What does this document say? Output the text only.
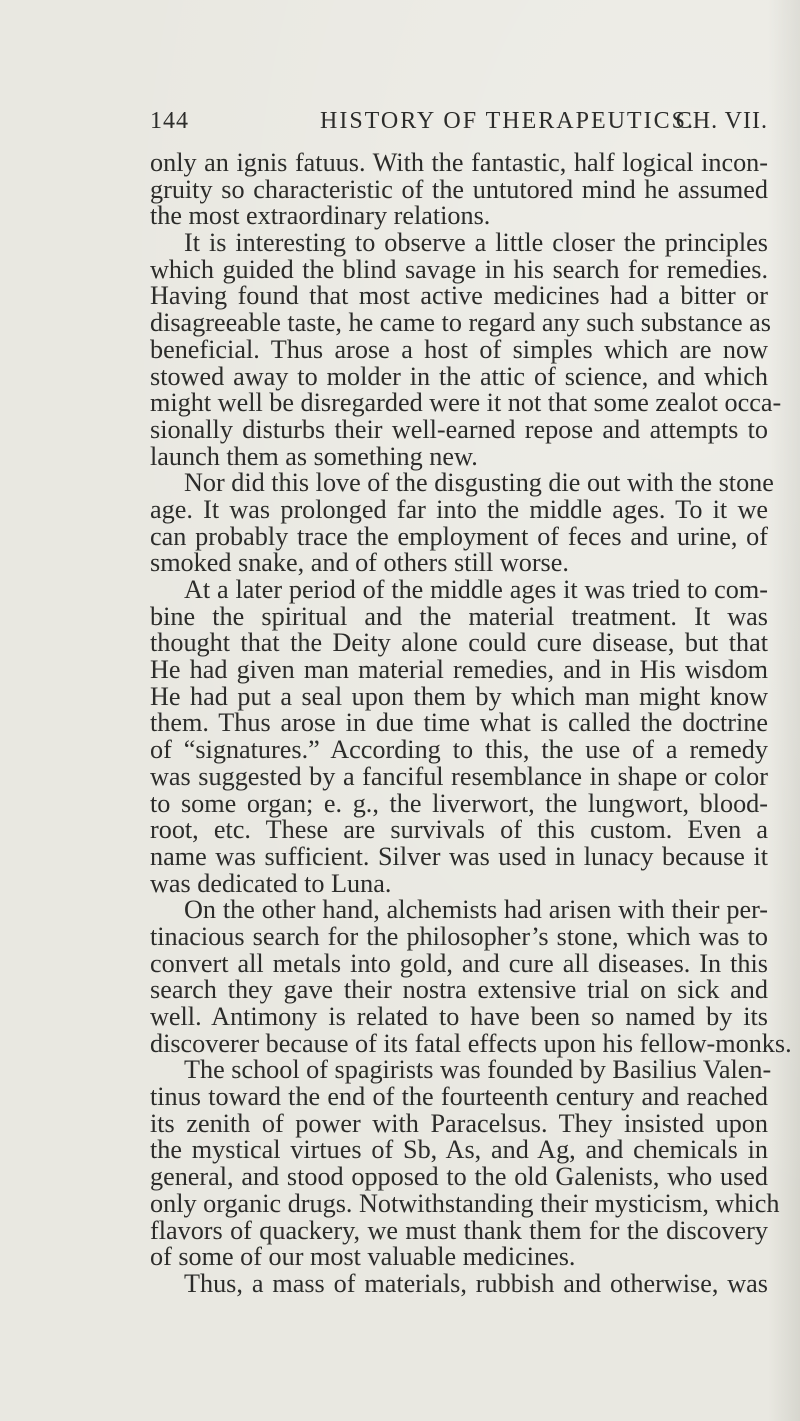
144	HISTORY OF THERAPEUTICS.
CH. VII.
only an ignis fatuus. With the fantastic, half logical incon-
gruity so characteristic of the untutored mind he assumed
the most extraordinary relations.
It is interesting to observe a little closer the principles
which guided the blind savage in his search for remedies.
Having found that most active medicines had a bitter or
disagreeable taste, he came to regard any such substance as
beneficial. Thus arose a host of simples which are now
stowed away to molder in the attic of science, and which
might well be disregarded were it not that some zealot occa-
sionally disturbs their well-earned repose and attempts to
launch them as something new.
Nor did this love of the disgusting die out with the stone
age. It was prolonged far into the middle ages. To it we
can probably trace the employment of feces and urine, of
smoked snake, and of others still worse.
At a later period of the middle ages it was tried to com-
bine the spiritual and the material treatment. It was
thought that the Deity alone could cure disease, but that
He had given man material remedies, and in His wisdom
He had put a seal upon them by which man might know
them. Thus arose in due time what is called the doctrine
of “signatures.” According to this, the use of a remedy
was suggested by a fanciful resemblance in shape or color
to some organ; e. g., the liverwort, the lungwort, blood-
root, etc. These are survivals of this custom. Even a
name was sufficient. Silver was used in lunacy because it
was dedicated to Luna.
On the other hand, alchemists had arisen with their per-
tinacious search for the philosopher’s stone, which was to
convert all metals into gold, and cure all diseases. In this
search they gave their nostra extensive trial on sick and
well. Antimony is related to have been so named by its
discoverer because of its fatal effects upon his fellow-monks.
The school of spagirists was founded by Basilius Valen-
tinus toward the end of the fourteenth century and reached
its zenith of power with Paracelsus. They insisted upon
the mystical virtues of Sb, As, and Ag, and chemicals in
general, and stood opposed to the old Galenists, who used
only organic drugs. Notwithstanding their mysticism, which
flavors of quackery, we must thank them for the discovery
of some of our most valuable medicines.
Thus, a mass of materials, rubbish and otherwise, was
